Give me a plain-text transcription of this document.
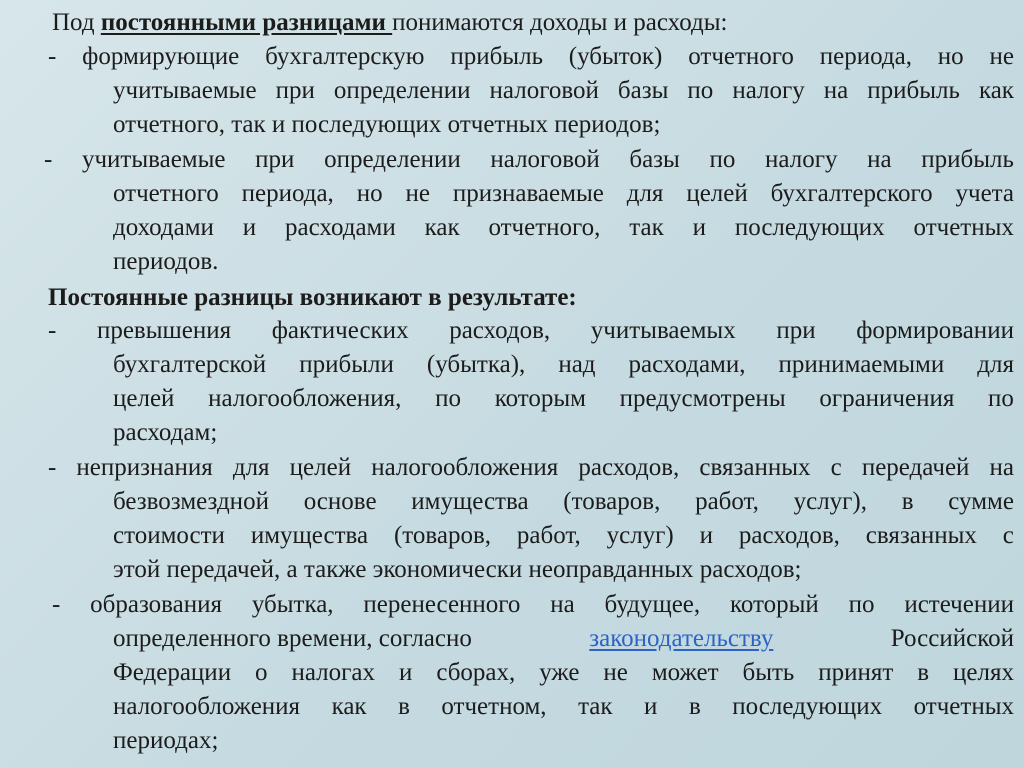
Под постоянными разницами понимаются доходы и расходы:
- формирующие бухгалтерскую прибыль (убыток) отчетного периода, но не
учитываемые при определении налоговой базы по налогу на прибыль как
отчетного, так и последующих отчетных периодов;
- учитываемые при определении налоговой базы по налогу на прибыль
отчетного периода, но не признаваемые для целей бухгалтерского учета
доходами и расходами как отчетного, так и последующих отчетных
периодов.
Постоянные разницы возникают в результате:
- превышения фактических расходов, учитываемых при формировании
бухгалтерской прибыли (убытка), над расходами, принимаемыми для
целей налогообложения, по которым предусмотрены ограничения по
расходам;
- непризнания для целей налогообложения расходов, связанных с передачей на
безвозмездной основе имущества (товаров, работ, услуг), в сумме
стоимости имущества (товаров, работ, услуг) и расходов, связанных с
этой передачей, а также экономически неоправданных расходов;
- образования убытка, перенесенного на будущее, который по истечении
определенного времени, согласно	законодательству	Российской
Федерации о налогах и сборах, уже не может быть принят в целях
налогообложения как в отчетном, так и в последующих отчетных
периодах;
